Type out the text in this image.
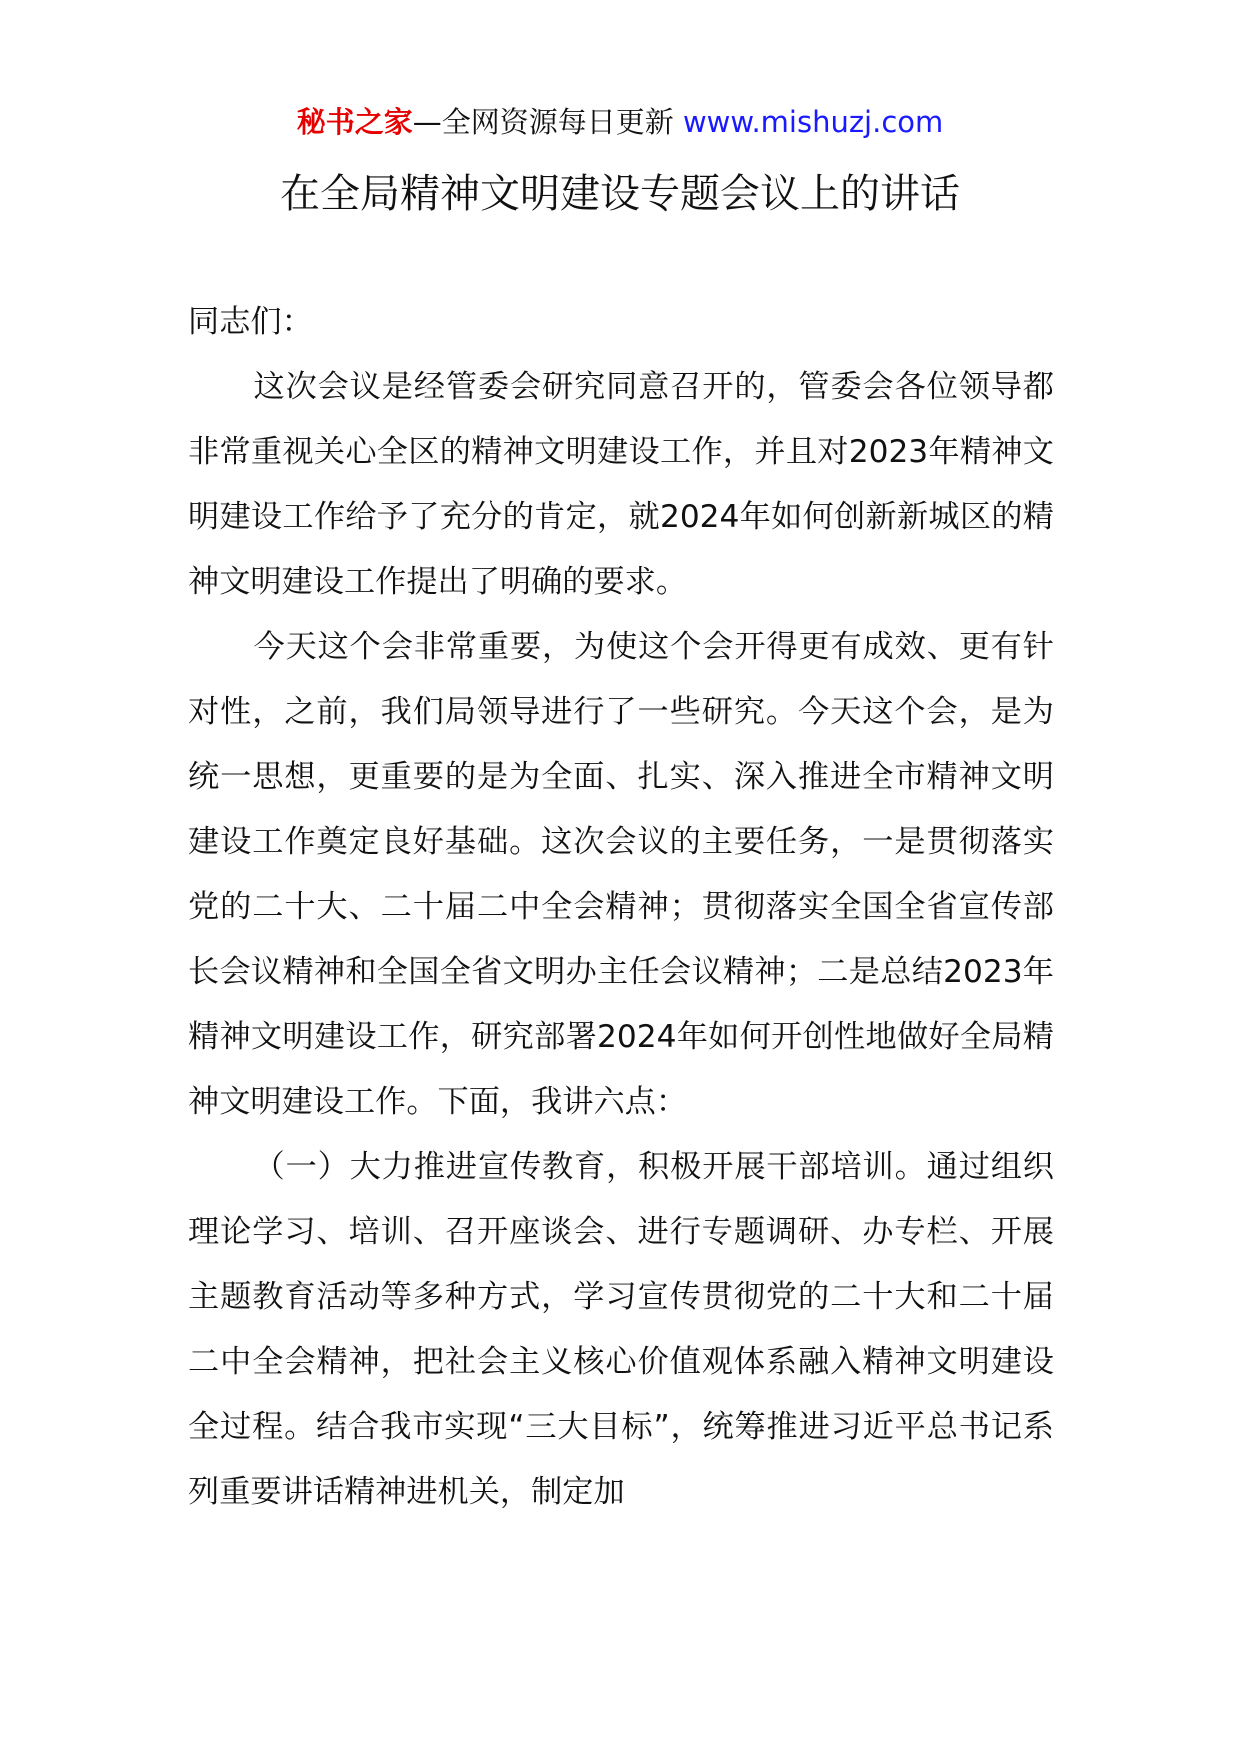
秘书之家—全网资源每日更新 www.mishuzj.com
在全局精神文明建设专题会议上的讲话

同志们：

这次会议是经管委会研究同意召开的，管委会各位领导都非常重视关心全区的精神文明建设工作，并且对2023年精神文明建设工作给予了充分的肯定，就2024年如何创新新城区的精神文明建设工作提出了明确的要求。

今天这个会非常重要，为使这个会开得更有成效、更有针对性，之前，我们局领导进行了一些研究。今天这个会，是为统一思想，更重要的是为全面、扎实、深入推进全市精神文明建设工作奠定良好基础。这次会议的主要任务，一是贯彻落实党的二十大、二十届二中全会精神；贯彻落实全国全省宣传部长会议精神和全国全省文明办主任会议精神；二是总结2023年精神文明建设工作，研究部署2024年如何开创性地做好全局精神文明建设工作。下面，我讲六点：

（一）大力推进宣传教育，积极开展干部培训。通过组织理论学习、培训、召开座谈会、进行专题调研、办专栏、开展主题教育活动等多种方式，学习宣传贯彻党的二十大和二十届二中全会精神，把社会主义核心价值观体系融入精神文明建设全过程。结合我市实现“三大目标”，统筹推进习近平总书记系列重要讲话精神进机关，制定加
